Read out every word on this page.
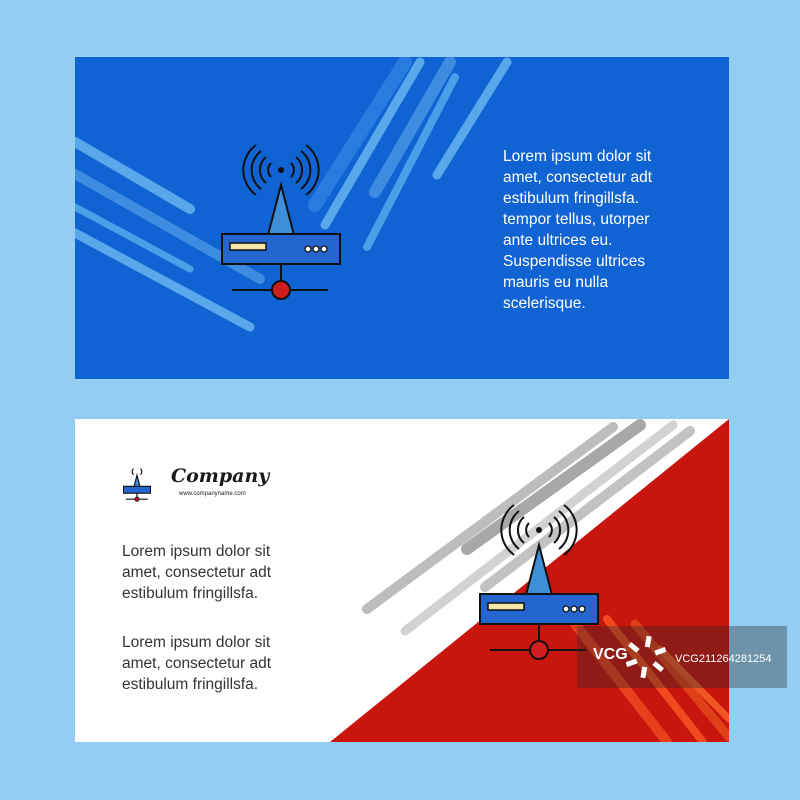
Lorem ipsum dolor sit
amet, consectetur adt
estibulum fringillsfa.
tempor tellus, utorper
ante ultrices eu.
Suspendisse ultrices
mauris eu nulla
scelerisque.

Company
www.companyname.com

Lorem ipsum dolor sit
amet, consectetur adt
estibulum fringillsfa.

Lorem ipsum dolor sit
amet, consectetur adt
estibulum fringillsfa.

VCG	VCG211264281254
